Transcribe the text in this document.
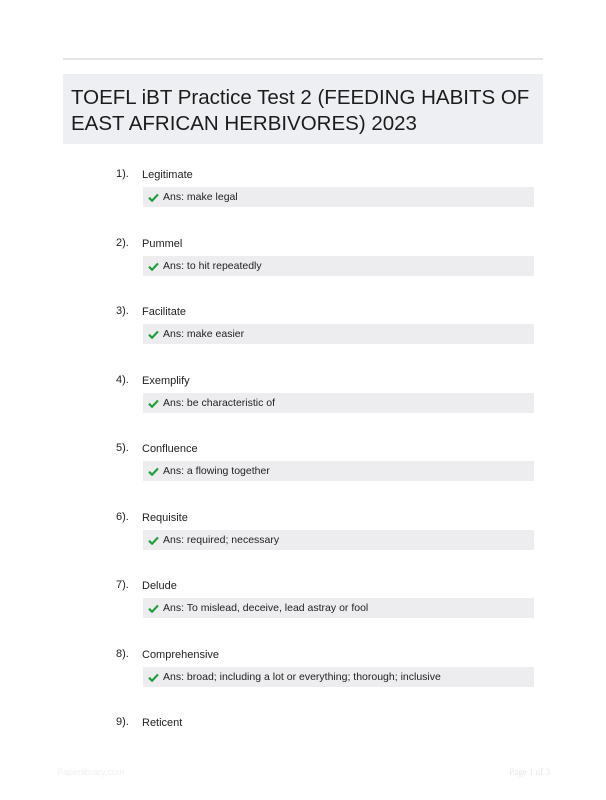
TOEFL iBT Practice Test 2 (FEEDING HABITS OF EAST AFRICAN HERBIVORES) 2023
1). Legitimate
Ans: make legal
2). Pummel
Ans: to hit repeatedly
3). Facilitate
Ans: make easier
4). Exemplify
Ans: be characteristic of
5). Confluence
Ans: a flowing together
6). Requisite
Ans: required; necessary
7). Delude
Ans: To mislead, deceive, lead astray or fool
8). Comprehensive
Ans: broad; including a lot or everything; thorough; inclusive
9). Reticent
Paperlibrary.com	Page 1 of 3
